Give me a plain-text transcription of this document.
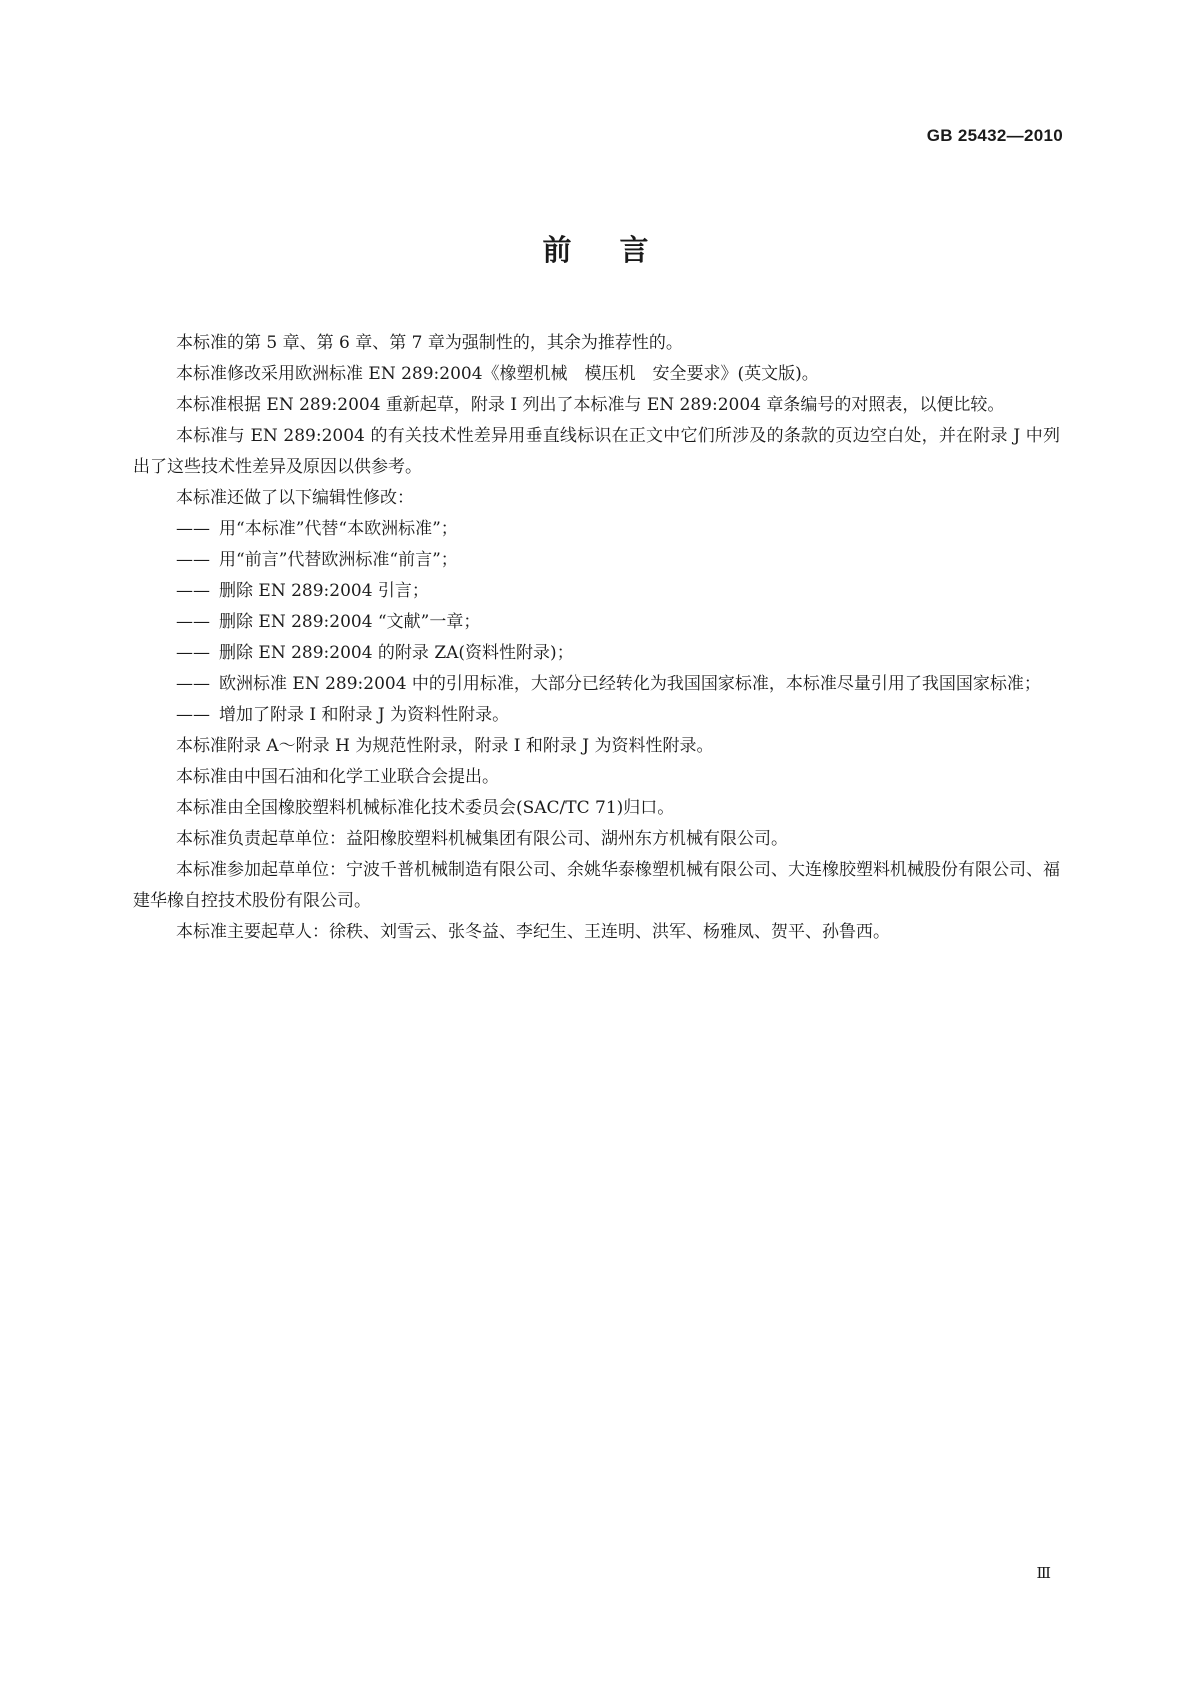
GB 25432—2010
前言

本标准的第 5 章、第 6 章、第 7 章为强制性的，其余为推荐性的。

本标准修改采用欧洲标准 EN 289:2004《橡塑机械　模压机　安全要求》(英文版)。

本标准根据 EN 289:2004 重新起草，附录 I 列出了本标准与 EN 289:2004 章条编号的对照表，以便比较。

本标准与 EN 289:2004 的有关技术性差异用垂直线标识在正文中它们所涉及的条款的页边空白处，并在附录 J 中列出了这些技术性差异及原因以供参考。

本标准还做了以下编辑性修改：

—— 用“本标准”代替“本欧洲标准”；

—— 用“前言”代替欧洲标准“前言”；

—— 删除 EN 289:2004 引言；

—— 删除 EN 289:2004 “文献”一章；

—— 删除 EN 289:2004 的附录 ZA(资料性附录)；

—— 欧洲标准 EN 289:2004 中的引用标准，大部分已经转化为我国国家标准，本标准尽量引用了我国国家标准；

—— 增加了附录 I 和附录 J 为资料性附录。

本标准附录 A～附录 H 为规范性附录，附录 I 和附录 J 为资料性附录。

本标准由中国石油和化学工业联合会提出。

本标准由全国橡胶塑料机械标准化技术委员会(SAC/TC 71)归口。

本标准负责起草单位：益阳橡胶塑料机械集团有限公司、湖州东方机械有限公司。

本标准参加起草单位：宁波千普机械制造有限公司、余姚华泰橡塑机械有限公司、大连橡胶塑料机械股份有限公司、福建华橡自控技术股份有限公司。

本标准主要起草人：徐秩、刘雪云、张冬益、李纪生、王连明、洪军、杨雅凤、贺平、孙鲁西。

Ⅲ
